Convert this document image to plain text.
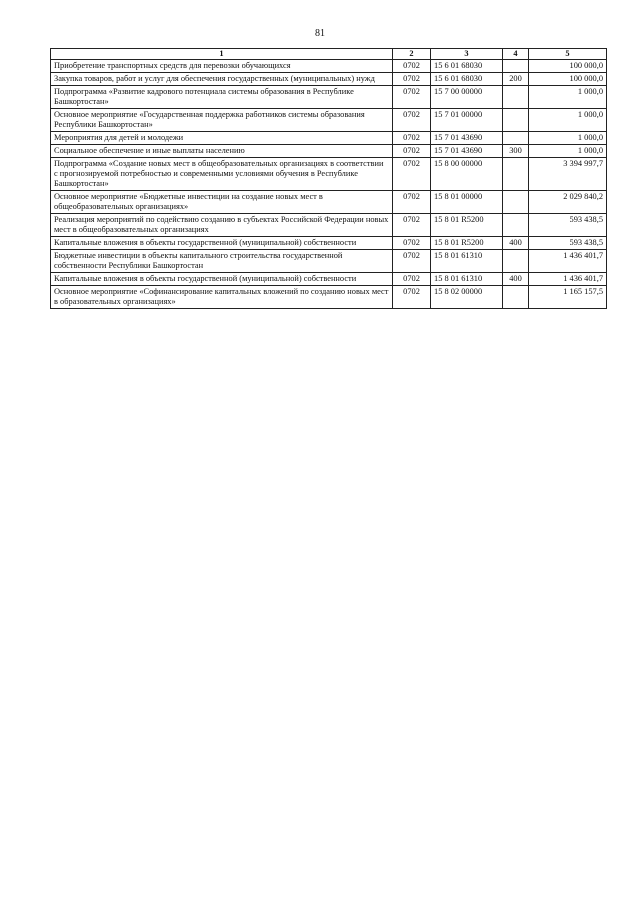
81
1	2	3	4	5
Приобретение транспортных средств для перевозки обучающихся	0702	15 6 01 68030		100 000,0
Закупка товаров, работ и услуг для обеспечения государственных (муниципальных) нужд	0702	15 6 01 68030	200	100 000,0
Подпрограмма «Развитие кадрового потенциала системы образования в Республике Башкортостан»	0702	15 7 00 00000		1 000,0
Основное мероприятие «Государственная поддержка работников системы образования Республики Башкортостан»	0702	15 7 01 00000		1 000,0
Мероприятия для детей и молодежи	0702	15 7 01 43690		1 000,0
Социальное обеспечение и иные выплаты населению	0702	15 7 01 43690	300	1 000,0
Подпрограмма «Создание новых мест в общеобразовательных организациях в соответствии с прогнозируемой потребностью и современными условиями обучения в Республике Башкортостан»	0702	15 8 00 00000		3 394 997,7
Основное мероприятие «Бюджетные инвестиции на создание новых мест в общеобразовательных организациях»	0702	15 8 01 00000		2 029 840,2
Реализация мероприятий по содействию созданию в субъектах Российской Федерации новых мест в общеобразовательных организациях	0702	15 8 01 R5200		593 438,5
Капитальные вложения в объекты государственной (муниципальной) собственности	0702	15 8 01 R5200	400	593 438,5
Бюджетные инвестиции в объекты капитального строительства государственной собственности Республики Башкортостан	0702	15 8 01 61310		1 436 401,7
Капитальные вложения в объекты государственной (муниципальной) собственности	0702	15 8 01 61310	400	1 436 401,7
Основное мероприятие «Софинансирование капитальных вложений по созданию новых мест в образовательных организациях»	0702	15 8 02 00000		1 165 157,5
